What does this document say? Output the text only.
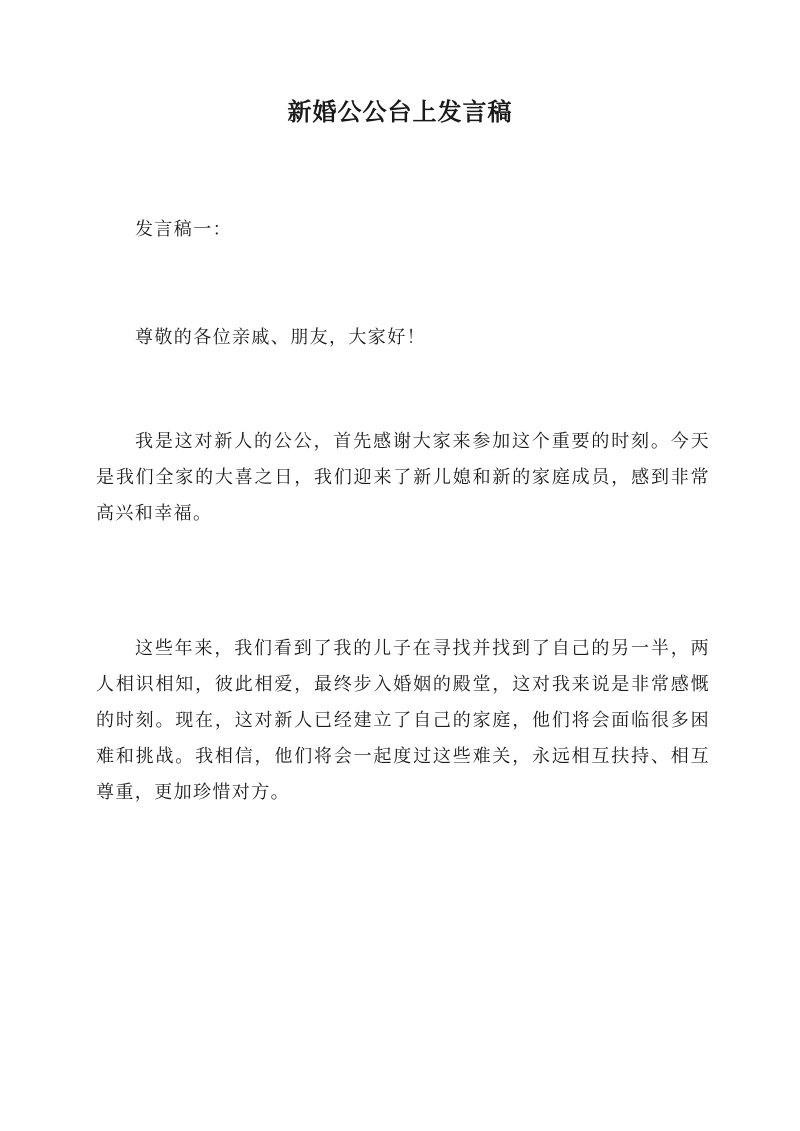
新婚公公台上发言稿

发言稿一：

尊敬的各位亲戚、朋友，大家好！

我是这对新人的公公，首先感谢大家来参加这个重要的时刻。今天是我们全家的大喜之日，我们迎来了新儿媳和新的家庭成员，感到非常高兴和幸福。

这些年来，我们看到了我的儿子在寻找并找到了自己的另一半，两人相识相知，彼此相爱，最终步入婚姻的殿堂，这对我来说是非常感慨的时刻。现在，这对新人已经建立了自己的家庭，他们将会面临很多困难和挑战。我相信，他们将会一起度过这些难关，永远相互扶持、相互尊重，更加珍惜对方。
